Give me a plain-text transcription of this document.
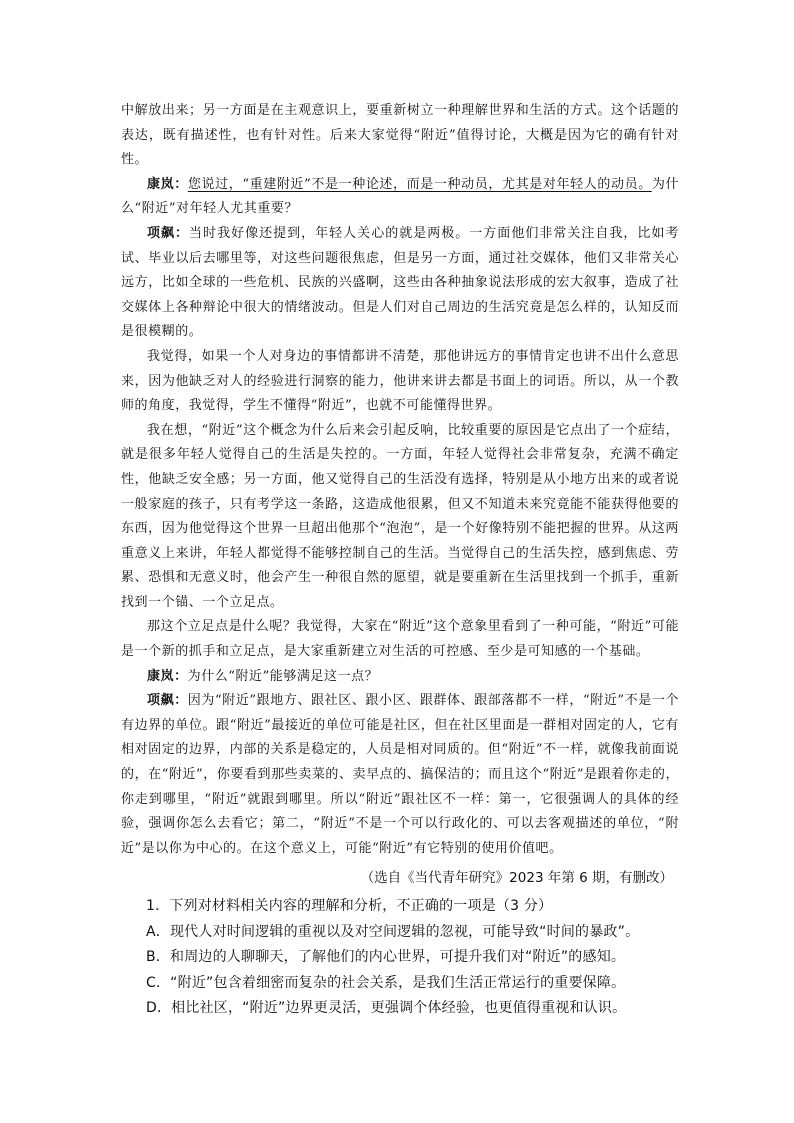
中解放出来；另一方面是在主观意识上，要重新树立一种理解世界和生活的方式。这个话题的表达，既有描述性，也有针对性。后来大家觉得“附近”值得讨论，大概是因为它的确有针对性。

康岚：您说过，“重建附近”不是一种论述，而是一种动员，尤其是对年轻人的动员。为什么“附近”对年轻人尤其重要？

项飙：当时我好像还提到，年轻人关心的就是两极。一方面他们非常关注自我，比如考试、毕业以后去哪里等，对这些问题很焦虑，但是另一方面，通过社交媒体，他们又非常关心远方，比如全球的一些危机、民族的兴盛啊，这些由各种抽象说法形成的宏大叙事，造成了社交媒体上各种辩论中很大的情绪波动。但是人们对自己周边的生活究竟是怎么样的，认知反而是很模糊的。

我觉得，如果一个人对身边的事情都讲不清楚，那他讲远方的事情肯定也讲不出什么意思来，因为他缺乏对人的经验进行洞察的能力，他讲来讲去都是书面上的词语。所以，从一个教师的角度，我觉得，学生不懂得“附近”，也就不可能懂得世界。

我在想，“附近”这个概念为什么后来会引起反响，比较重要的原因是它点出了一个症结，就是很多年轻人觉得自己的生活是失控的。一方面，年轻人觉得社会非常复杂，充满不确定性，他缺乏安全感；另一方面，他又觉得自己的生活没有选择，特别是从小地方出来的或者说一般家庭的孩子，只有考学这一条路，这造成他很累，但又不知道未来究竟能不能获得他要的东西，因为他觉得这个世界一旦超出他那个“泡泡”，是一个好像特别不能把握的世界。从这两重意义上来讲，年轻人都觉得不能够控制自己的生活。当觉得自己的生活失控，感到焦虑、劳累、恐惧和无意义时，他会产生一种很自然的愿望，就是要重新在生活里找到一个抓手，重新找到一个锚、一个立足点。

那这个立足点是什么呢？我觉得，大家在“附近”这个意象里看到了一种可能，“附近”可能是一个新的抓手和立足点，是大家重新建立对生活的可控感、至少是可知感的一个基础。

康岚：为什么“附近”能够满足这一点？

项飙：因为“附近”跟地方、跟社区、跟小区、跟群体、跟部落都不一样，“附近”不是一个有边界的单位。跟“附近”最接近的单位可能是社区，但在社区里面是一群相对固定的人，它有相对固定的边界，内部的关系是稳定的，人员是相对同质的。但“附近”不一样，就像我前面说的，在“附近”，你要看到那些卖菜的、卖早点的、搞保洁的；而且这个“附近”是跟着你走的，你走到哪里，“附近”就跟到哪里。所以“附近”跟社区不一样：第一，它很强调人的具体的经验，强调你怎么去看它；第二，“附近”不是一个可以行政化的、可以去客观描述的单位，“附近”是以你为中心的。在这个意义上，可能“附近”有它特别的使用价值吧。

（选自《当代青年研究》2023 年第 6 期，有删改）

1．下列对材料相关内容的理解和分析，不正确的一项是（3 分）

A．现代人对时间逻辑的重视以及对空间逻辑的忽视，可能导致“时间的暴政”。

B．和周边的人聊聊天，了解他们的内心世界，可提升我们对“附近”的感知。

C．“附近”包含着细密而复杂的社会关系，是我们生活正常运行的重要保障。

D．相比社区，“附近”边界更灵活，更强调个体经验，也更值得重视和认识。
